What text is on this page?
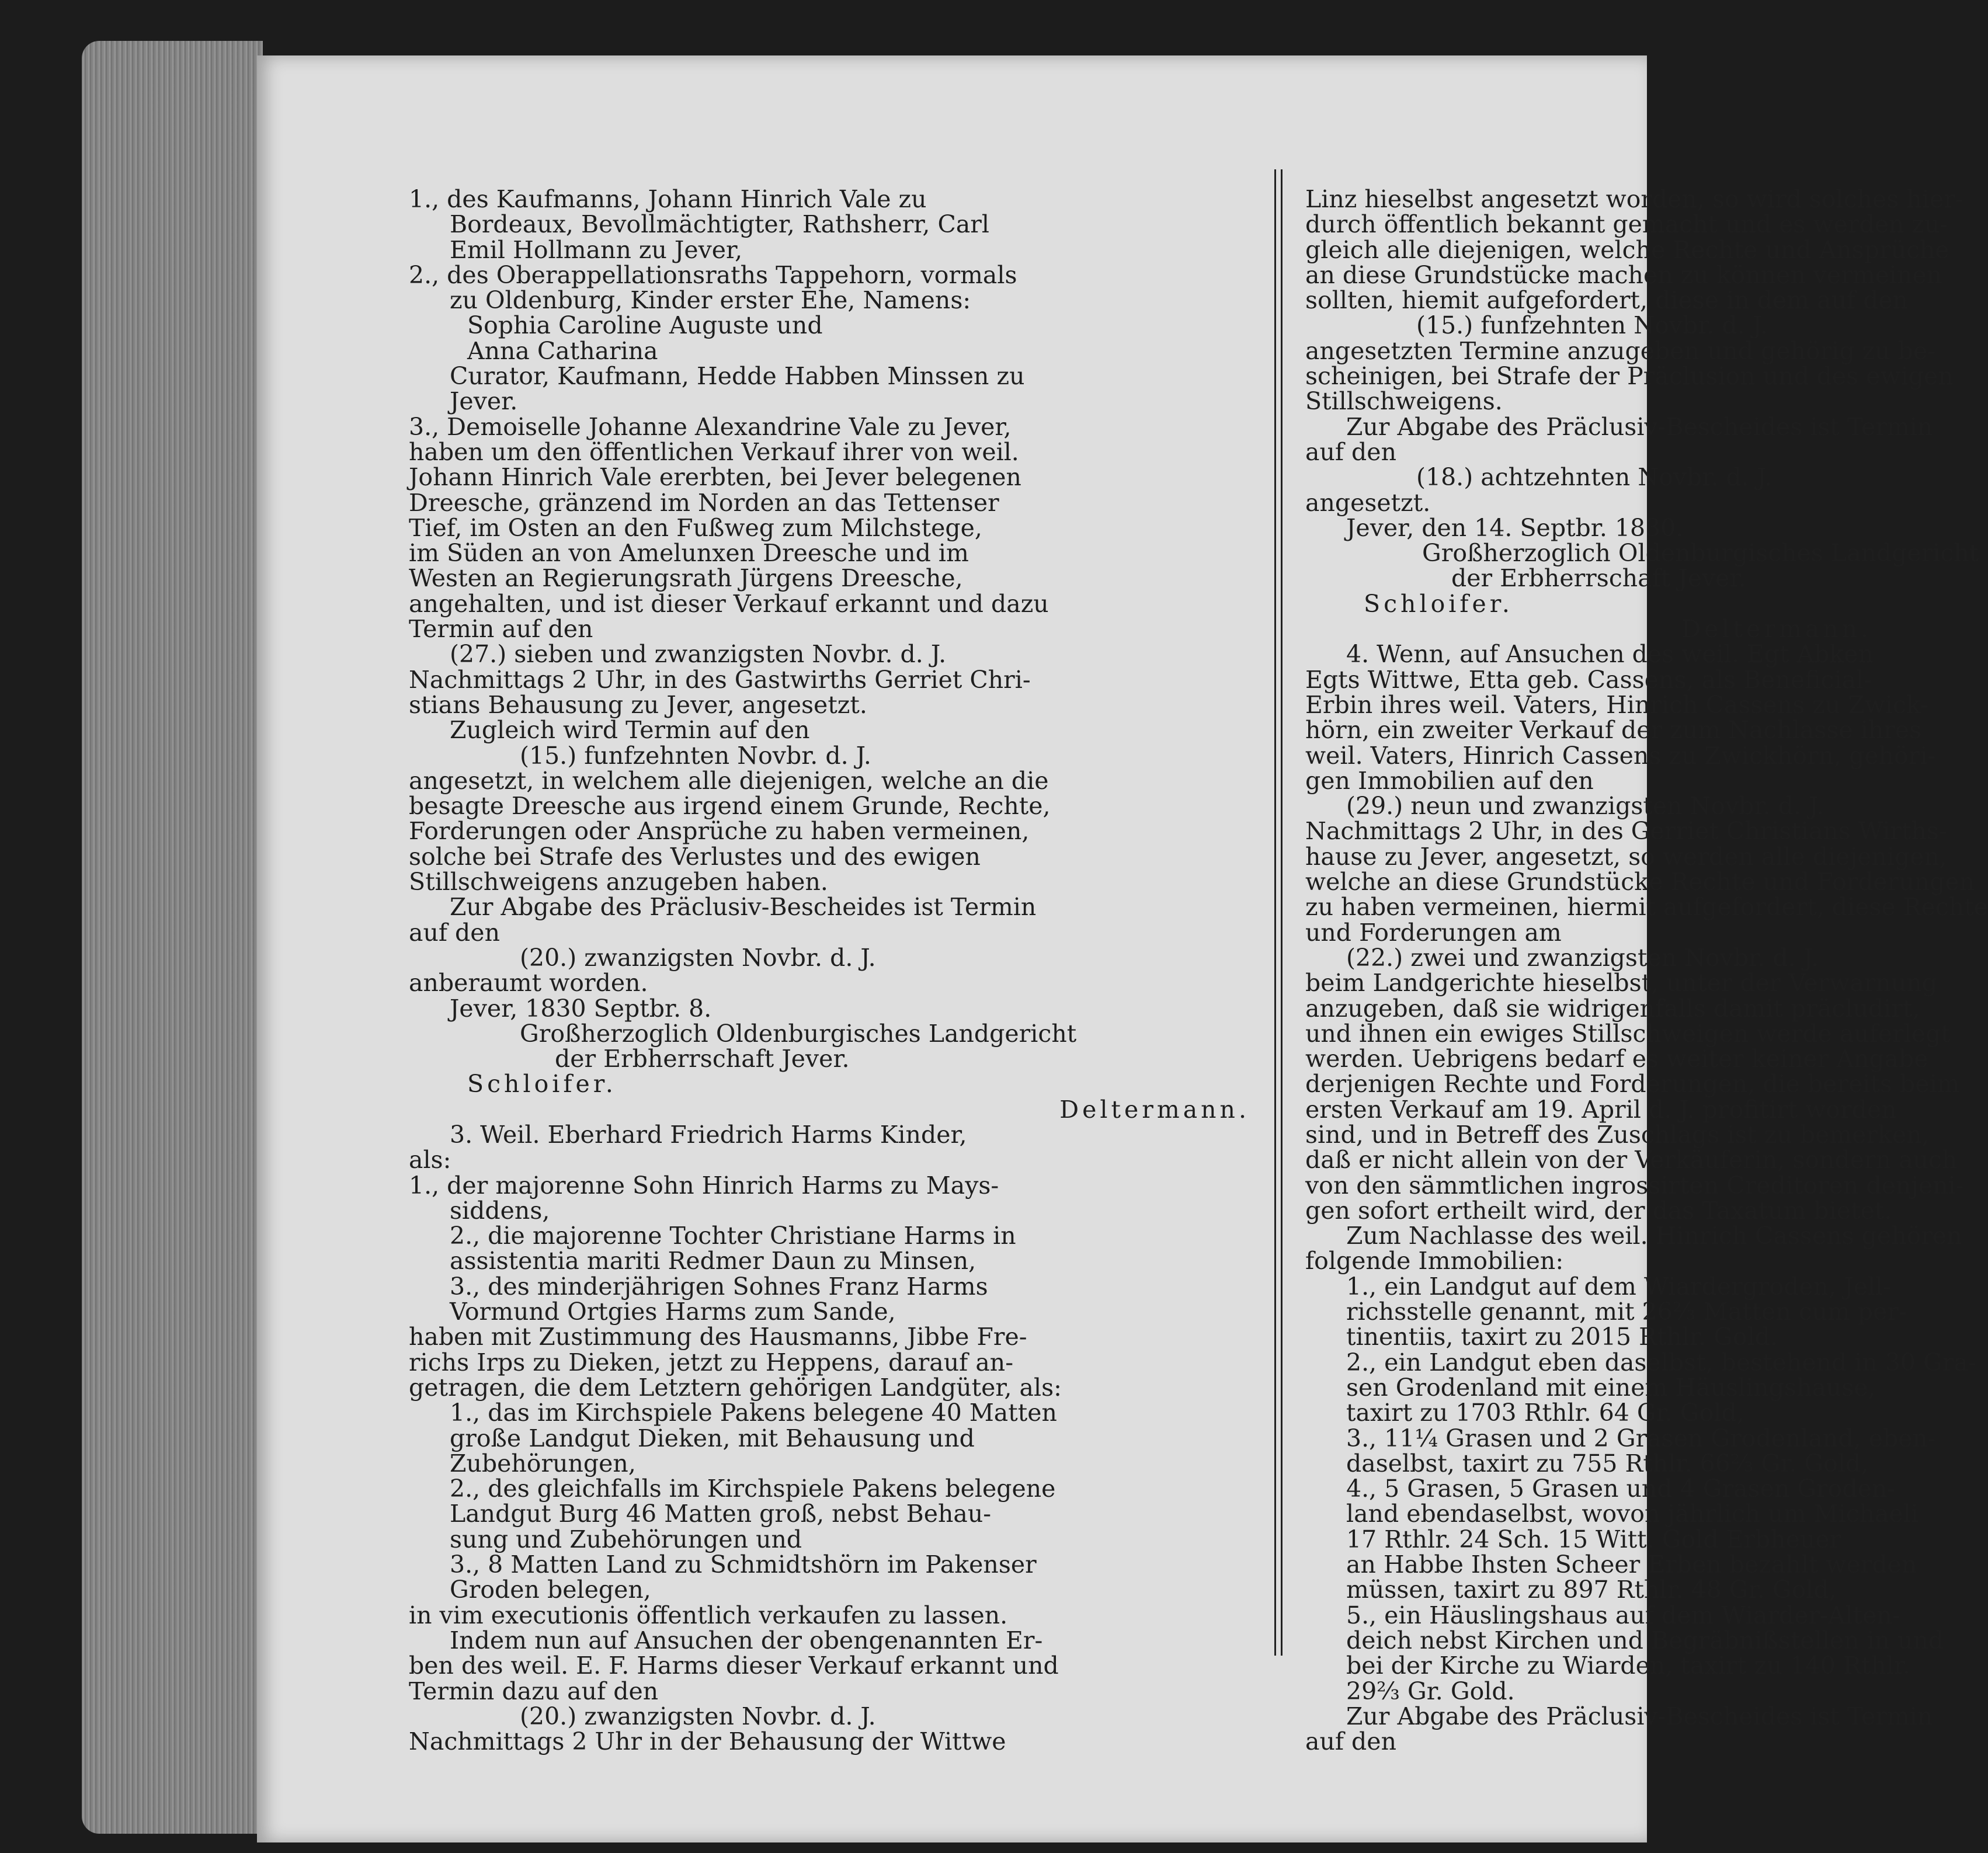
1., des Kaufmanns, Johann Hinrich Vale zu
Bordeaux, Bevollmächtigter, Rathsherr, Carl
Emil Hollmann zu Jever,
2., des Oberappellationsraths Tappehorn, vormals
zu Oldenburg, Kinder erster Ehe, Namens:
Sophia Caroline Auguste und
Anna Catharina
Curator, Kaufmann, Hedde Habben Minssen zu
Jever.
3., Demoiselle Johanne Alexandrine Vale zu Jever,
haben um den öffentlichen Verkauf ihrer von weil.
Johann Hinrich Vale ererbten, bei Jever belegenen
Dreesche, gränzend im Norden an das Tettenser
Tief, im Osten an den Fußweg zum Milchstege,
im Süden an von Amelunxen Dreesche und im
Westen an Regierungsrath Jürgens Dreesche,
angehalten, und ist dieser Verkauf erkannt und dazu
Termin auf den
(27.) sieben und zwanzigsten Novbr. d. J.
Nachmittags 2 Uhr, in des Gastwirths Gerriet Chri-
stians Behausung zu Jever, angesetzt.
Zugleich wird Termin auf den
(15.) funfzehnten Novbr. d. J.
angesetzt, in welchem alle diejenigen, welche an die
besagte Dreesche aus irgend einem Grunde, Rechte,
Forderungen oder Ansprüche zu haben vermeinen,
solche bei Strafe des Verlustes und des ewigen
Stillschweigens anzugeben haben.
Zur Abgabe des Präclusiv-Bescheides ist Termin
auf den
(20.) zwanzigsten Novbr. d. J.
anberaumt worden.
Jever, 1830 Septbr. 8.
Großherzoglich Oldenburgisches Landgericht
der Erbherrschaft Jever.
Schloifer.
Deltermann.
3. Weil. Eberhard Friedrich Harms Kinder,
als:
1., der majorenne Sohn Hinrich Harms zu Mays-
siddens,
2., die majorenne Tochter Christiane Harms in
assistentia mariti Redmer Daun zu Minsen,
3., des minderjährigen Sohnes Franz Harms
Vormund Ortgies Harms zum Sande,
haben mit Zustimmung des Hausmanns, Jibbe Fre-
richs Irps zu Dieken, jetzt zu Heppens, darauf an-
getragen, die dem Letztern gehörigen Landgüter, als:
1., das im Kirchspiele Pakens belegene 40 Matten
große Landgut Dieken, mit Behausung und
Zubehörungen,
2., des gleichfalls im Kirchspiele Pakens belegene
Landgut Burg 46 Matten groß, nebst Behau-
sung und Zubehörungen und
3., 8 Matten Land zu Schmidtshörn im Pakenser
Groden belegen,
in vim executionis öffentlich verkaufen zu lassen.
Indem nun auf Ansuchen der obengenannten Er-
ben des weil. E. F. Harms dieser Verkauf erkannt und
Termin dazu auf den
(20.) zwanzigsten Novbr. d. J.
Nachmittags 2 Uhr in der Behausung der Wittwe
Linz hieselbst angesetzt worden, so wird solches hier-
durch öffentlich bekannt gemacht und es werden zu-
gleich alle diejenigen, welche Rechte und Ansprüche
an diese Grundstücke machen zu können vermeinen
sollten, hiemit aufgefordert, diese in dem auf den
(15.) funfzehnten Novbr. d. J.
angesetzten Termine anzugeben und gehörig zu be-
scheinigen, bei Strafe der Präclusion und des ewigen
Stillschweigens.
Zur Abgabe des Präclusiv-Bescheides ist Termin
auf den
(18.) achtzehnten Novbr. d. J.
angesetzt.
Jever, den 14. Septbr. 1830.
Großherzoglich Oldenburgisches Landgericht
der Erbherrschaft Jever.
Schloifer.
Deltermann.
4. Wenn, auf Ansuchen des weil. Egt Abken
Egts Wittwe, Etta geb. Cassens, als Beneficial-
Erbin ihres weil. Vaters, Hinrich Cassens zu Zwick-
hörn, ein zweiter Verkauf der zum Nachlasse ihres
weil. Vaters, Hinrich Cassens zu Zwickhörn, gehöri-
gen Immobilien auf den
(29.) neun und zwanzigsten Novbr. d. J.
Nachmittags 2 Uhr, in des Gerriet Christians Wirths-
hause zu Jever, angesetzt, so werden alle diejenigen,
welche an diese Grundstücke Rechte und Forderungen
zu haben vermeinen, hiermit aufgefordert, diese Rechte
und Forderungen am
(22.) zwei und zwanzigsten Novbr. d. J.
beim Landgerichte hieselbst, unter der Verwarnung
anzugeben, daß sie widrigenfalls damit präcludirt,
und ihnen ein ewiges Stillschweigen werde auferlegt
werden. Uebrigens bedarf es weiter keiner Angabe
derjenigen Rechte und Forderungen, die bereits beim
ersten Verkauf am 19. April d. J. profitirt worden
sind, und in Betreff des Zuschlags ist zu bemerken,
daß er nicht allein von der Verkäuferin, sondern auch
von den sämmtlichen ingrossirten Creditoren denjeni-
gen sofort ertheilt wird, der das Taxatum bietet.
Zum Nachlasse des weil. Hinrich Cassens gehören
folgende Immobilien:
1., ein Landgut auf dem Wiardergroden, Jell-
richsstelle genannt, mit 26⅔ Matten cum per-
tinentiis, taxirt zu 2015 Rthlr. Gold.
2., ein Landgut eben daselbst, bestehend in 30 Gra-
sen Grodenland mit einem Häuslingshause,
taxirt zu 1703 Rthlr. 64 Gr. Gold,
3., 11¼ Grasen und 2 Grasen Grodenland, eben-
daselbst, taxirt zu 755 Rthlr. 66⅔ Gr. Gold,
4., 5 Grasen, 5 Grasen und 4 Grasen Groden-
land ebendaselbst, wovon jährlich um Michaeli
17 Rthlr. 24 Sch. 15 Witt. Gold Erbheuer
an Habbe Ihsten Scheer Erben bezahlt werden
müssen, taxirt zu 897 Rthlr. 48 Gr. Gold,
5., ein Häuslingshaus auf dem Wiarder-Alten-
deich nebst Kirchen und Begräbnißstellen in und
bei der Kirche zu Wiarden, taxirt zu 140 Rthlr.
29⅔ Gr. Gold.
Zur Abgabe des Präclusiv-Bescheides ist Termin
auf den
